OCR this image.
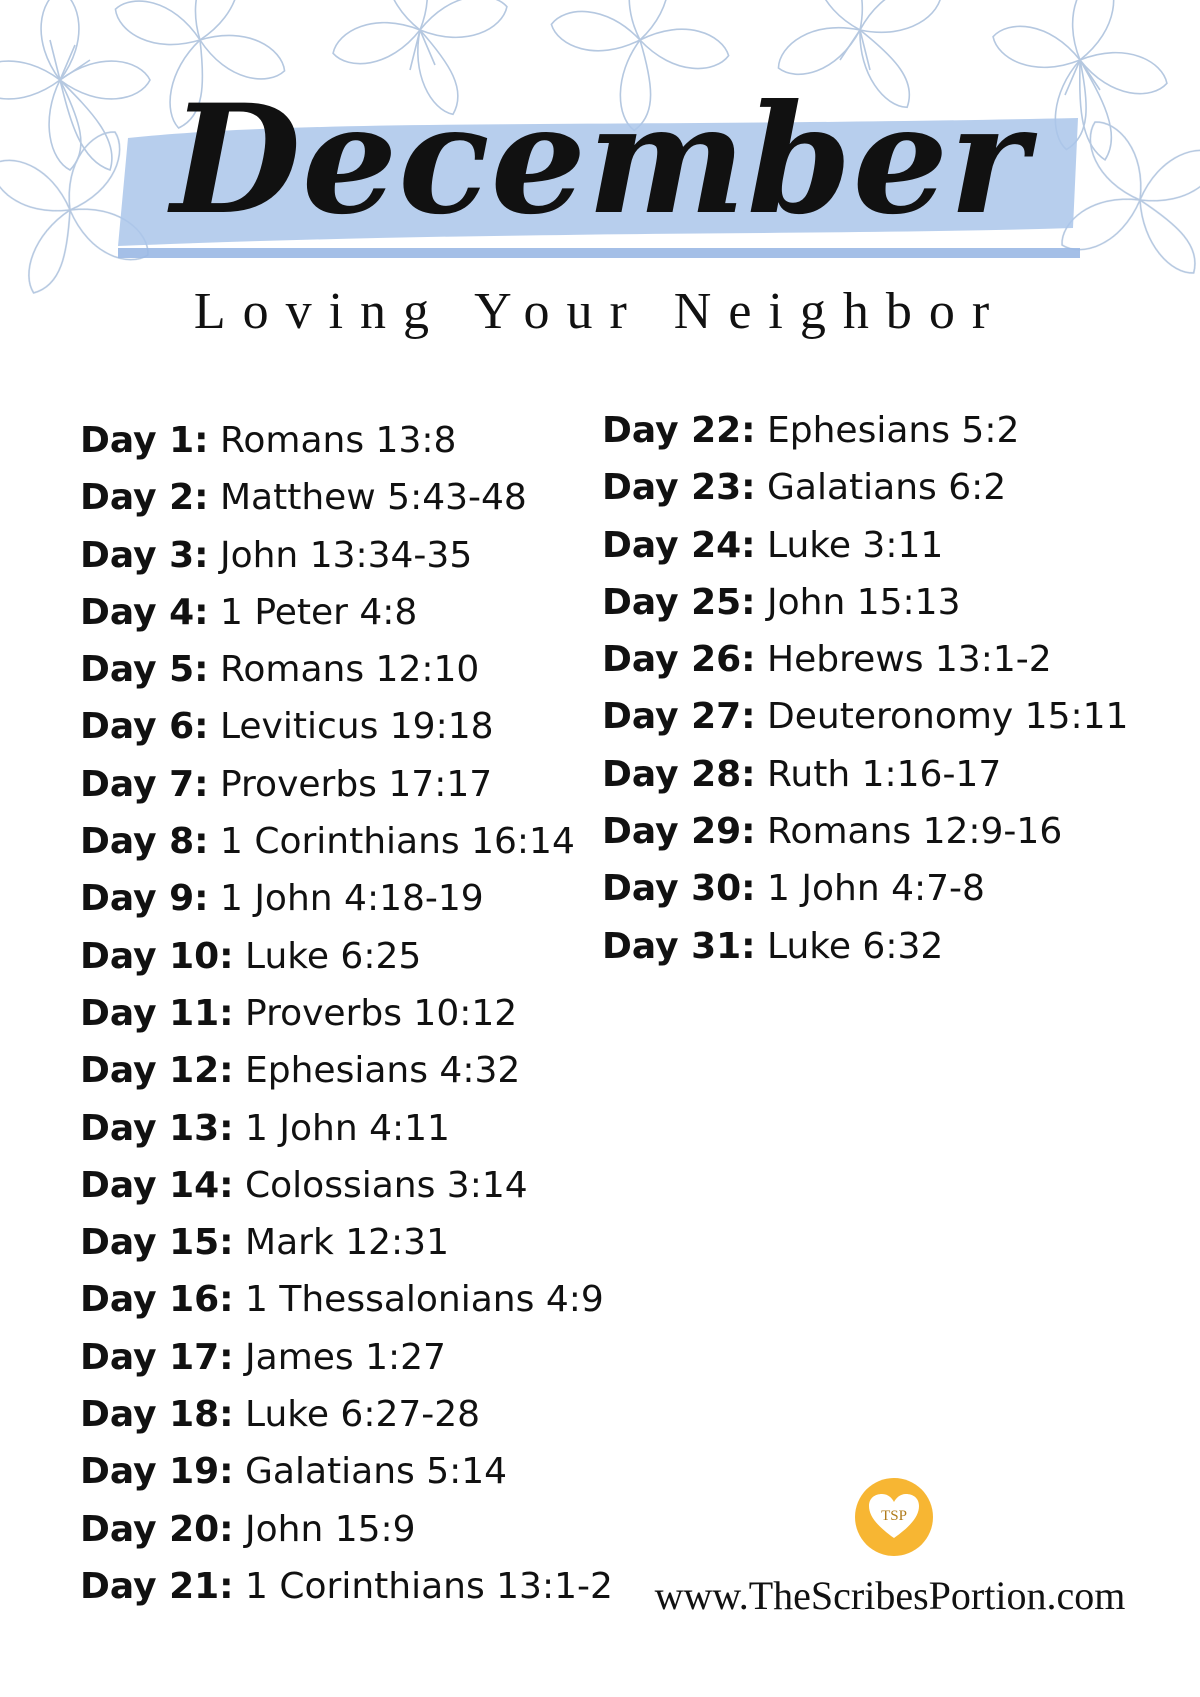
December
Loving Your Neighbor
Day 1: Romans 13:8
Day 2: Matthew 5:43-48
Day 3: John 13:34-35
Day 4: 1 Peter 4:8
Day 5: Romans 12:10
Day 6: Leviticus 19:18
Day 7: Proverbs 17:17
Day 8: 1 Corinthians 16:14
Day 9: 1 John 4:18-19
Day 10: Luke 6:25
Day 11: Proverbs 10:12
Day 12: Ephesians 4:32
Day 13: 1 John 4:11
Day 14: Colossians 3:14
Day 15: Mark 12:31
Day 16: 1 Thessalonians 4:9
Day 17: James 1:27
Day 18: Luke 6:27-28
Day 19: Galatians 5:14
Day 20: John 15:9
Day 21: 1 Corinthians 13:1-2
Day 22: Ephesians 5:2
Day 23: Galatians 6:2
Day 24: Luke 3:11
Day 25: John 15:13
Day 26: Hebrews 13:1-2
Day 27: Deuteronomy 15:11
Day 28: Ruth 1:16-17
Day 29: Romans 12:9-16
Day 30: 1 John 4:7-8
Day 31: Luke 6:32
TSP
www.TheScribesPortion.com
